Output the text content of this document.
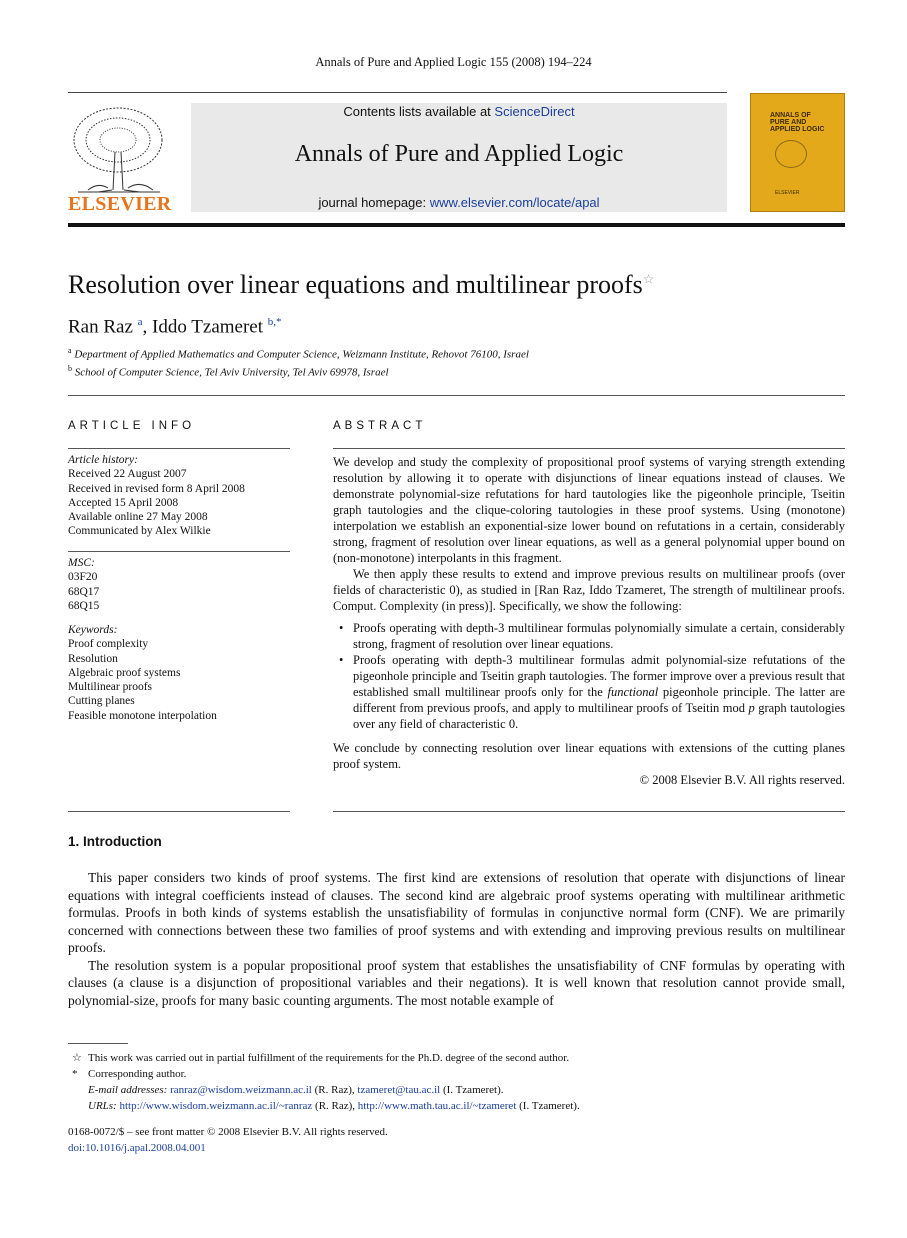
Annals of Pure and Applied Logic 155 (2008) 194–224
ELSEVIER
Contents lists available at ScienceDirect
Annals of Pure and Applied Logic
journal homepage: www.elsevier.com/locate/apal
ANNALS OF PURE AND APPLIED LOGIC
ELSEVIER
Resolution over linear equations and multilinear proofs☆
Ran Raz $^a$, Iddo Tzameret $^{b,*}$
$^a$ Department of Applied Mathematics and Computer Science, Weizmann Institute, Rehovot 76100, Israel
$^b$ School of Computer Science, Tel Aviv University, Tel Aviv 69978, Israel
ARTICLE INFO
Article history:
Received 22 August 2007
Received in revised form 8 April 2008
Accepted 15 April 2008
Available online 27 May 2008
Communicated by Alex Wilkie
MSC:
03F20
68Q17
68Q15
Keywords:
Proof complexity
Resolution
Algebraic proof systems
Multilinear proofs
Cutting planes
Feasible monotone interpolation
ABSTRACT

We develop and study the complexity of propositional proof systems of varying strength extending resolution by allowing it to operate with disjunctions of linear equations instead of clauses. We demonstrate polynomial-size refutations for hard tautologies like the pigeonhole principle, Tseitin graph tautologies and the clique-coloring tautologies in these proof systems. Using (monotone) interpolation we establish an exponential-size lower bound on refutations in a certain, considerably strong, fragment of resolution over linear equations, as well as a general polynomial upper bound on (non-monotone) interpolants in this fragment.

We then apply these results to extend and improve previous results on multilinear proofs (over fields of characteristic 0), as studied in [Ran Raz, Iddo Tzameret, The strength of multilinear proofs. Comput. Complexity (in press)]. Specifically, we show the following:

• Proofs operating with depth-3 multilinear formulas polynomially simulate a certain, considerably strong, fragment of resolution over linear equations.
• Proofs operating with depth-3 multilinear formulas admit polynomial-size refutations of the pigeonhole principle and Tseitin graph tautologies. The former improve over a previous result that established small multilinear proofs only for the functional pigeonhole principle. The latter are different from previous proofs, and apply to multilinear proofs of Tseitin mod p graph tautologies over any field of characteristic 0.

We conclude by connecting resolution over linear equations with extensions of the cutting planes proof system.

© 2008 Elsevier B.V. All rights reserved.

1. Introduction

This paper considers two kinds of proof systems. The first kind are extensions of resolution that operate with disjunctions of linear equations with integral coefficients instead of clauses. The second kind are algebraic proof systems operating with multilinear arithmetic formulas. Proofs in both kinds of systems establish the unsatisfiability of formulas in conjunctive normal form (CNF). We are primarily concerned with connections between these two families of proof systems and with extending and improving previous results on multilinear proofs.

The resolution system is a popular propositional proof system that establishes the unsatisfiability of CNF formulas by operating with clauses (a clause is a disjunction of propositional variables and their negations). It is well known that resolution cannot provide small, polynomial-size, proofs for many basic counting arguments. The most notable example of

☆ This work was carried out in partial fulfillment of the requirements for the Ph.D. degree of the second author.
* Corresponding author.
E-mail addresses: ranraz@wisdom.weizmann.ac.il (R. Raz), tzameret@tau.ac.il (I. Tzameret).
URLs: http://www.wisdom.weizmann.ac.il/~ranraz (R. Raz), http://www.math.tau.ac.il/~tzameret (I. Tzameret).
0168-0072/$ – see front matter © 2008 Elsevier B.V. All rights reserved.
doi:10.1016/j.apal.2008.04.001
